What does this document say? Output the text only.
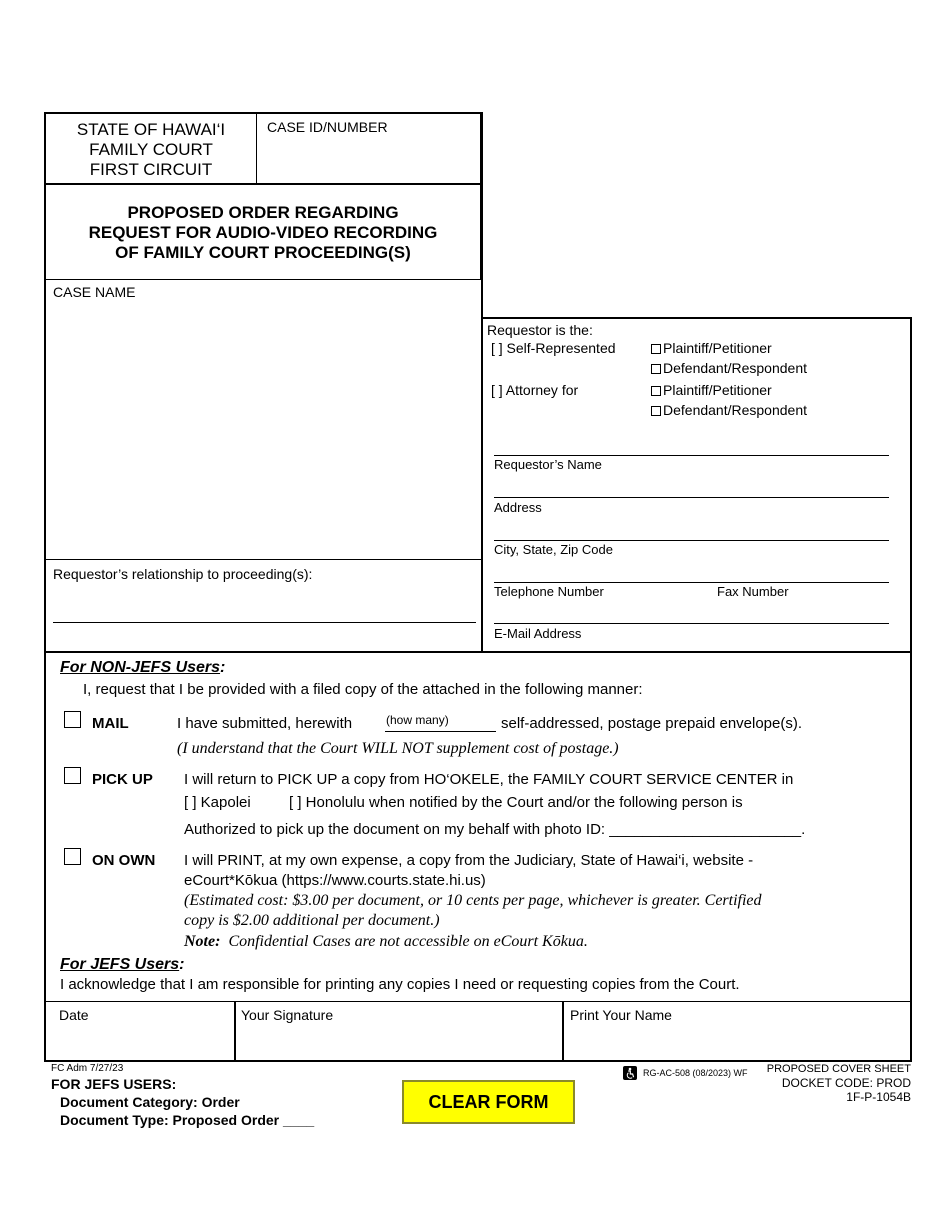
STATE OF HAWAI‘I
FAMILY COURT
FIRST CIRCUIT
CASE ID/NUMBER
PROPOSED ORDER REGARDING
REQUEST FOR AUDIO-VIDEO RECORDING
OF FAMILY COURT PROCEEDING(S)
CASE NAME
Requestor’s relationship to proceeding(s):
Requestor is the:
[ ] Self-Represented	Plaintiff/Petitioner
Defendant/Respondent
[ ] Attorney for	Plaintiff/Petitioner
Defendant/Respondent
Requestor’s Name
Address
City, State, Zip Code
Telephone Number	Fax Number
E-Mail Address
For NON-JEFS Users:
I, request that I be provided with a filed copy of the attached in the following manner:
MAIL	I have submitted, herewith	(how many)	self-addressed, postage prepaid envelope(s).
(I understand that the Court WILL NOT supplement cost of postage.)
PICK UP I will return to PICK UP a copy from HO‘OKELE, the FAMILY COURT SERVICE CENTER in
[ ] Kapolei	[ ] Honolulu when notified by the Court and/or the following person is
Authorized to pick up the document on my behalf with photo ID: _______________________.
ON OWN I will PRINT, at my own expense, a copy from the Judiciary, State of Hawai‘i, website -
eCourt*Kōkua (https://www.courts.state.hi.us)
(Estimated cost: $3.00 per document, or 10 cents per page, whichever is greater. Certified
copy is $2.00 additional per document.)
Note: Confidential Cases are not accessible on eCourt Kōkua.
For JEFS Users:
I acknowledge that I am responsible for printing any copies I need or requesting copies from the Court.
Date	Your Signature	Print Your Name
FC Adm 7/27/23
FOR JEFS USERS:
Document Category: Order
Document Type: Proposed Order ____
CLEAR FORM
RG-AC-508 (08/2023) WF	PROPOSED COVER SHEET
DOCKET CODE: PROD
1F-P-1054B
